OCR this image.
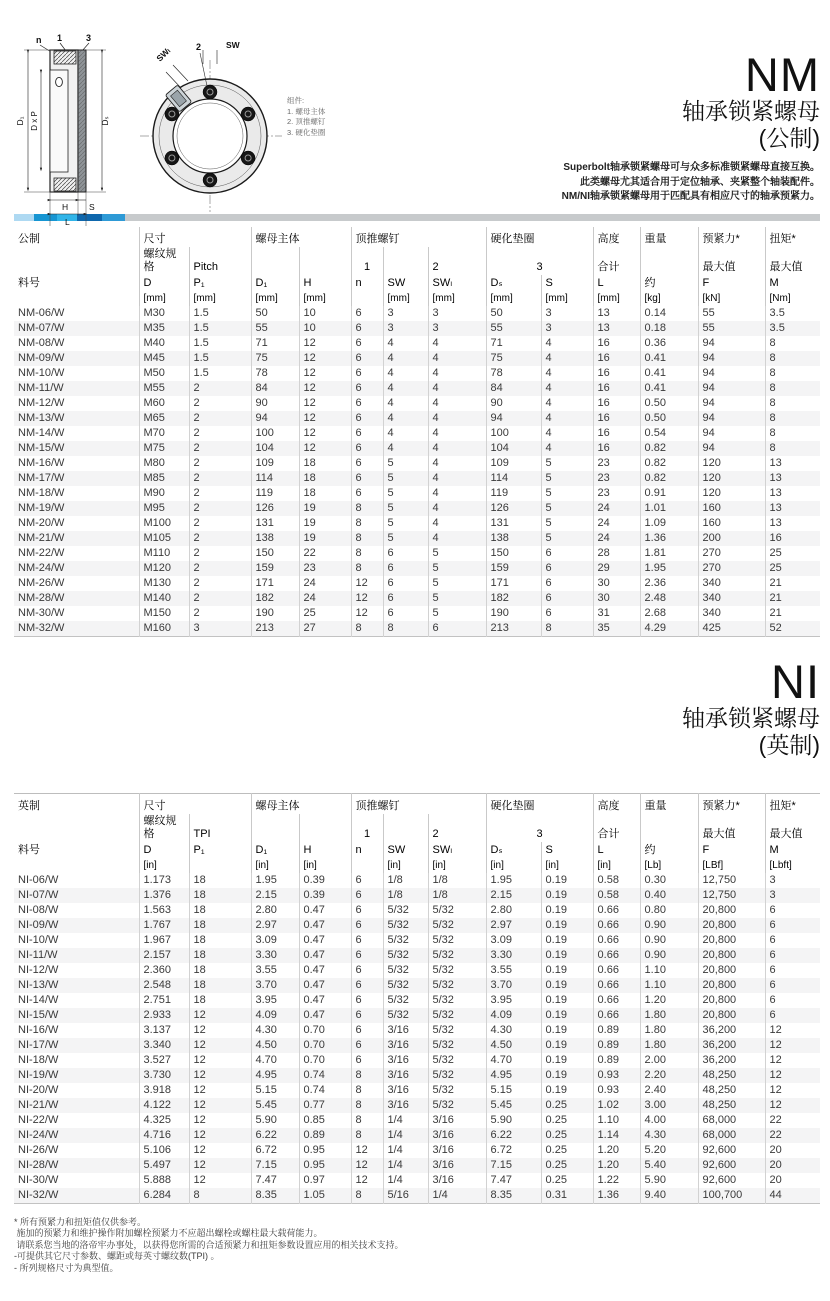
n 1	3
D₁ D x P	Dₛ
H S
L
SWₗ	2	SW
组件:
1. 螺母主体
2. 顶推螺钉
3. 硬化垫圈
NM
轴承锁紧螺母
(公制)
Superbolt轴承锁紧螺母可与众多标准锁紧螺母直接互换。
此类螺母尤其适合用于定位轴承、夹紧整个轴装配件。
NM/NI轴承锁紧螺母用于匹配具有相应尺寸的轴承预紧力。
公制	尺寸		螺母主体		顶推螺钉			硬化垫圈		高度	重量	预紧力*	扭矩*
	螺纹规格	Pitch			1		2	3		合计		最大值	最大值
料号	D	P₁	D₁	H	n	SW	SWₗ	Dₛ	S	L	约	F	M
	[mm]	[mm]	[mm]	[mm]		[mm]	[mm]	[mm]	[mm]	[mm]	[kg]	[kN]	[Nm]
NM-06/W	M30	1.5	50	10	6	3	3	50	3	13	0.14	55	3.5
NM-07/W	M35	1.5	55	10	6	3	3	55	3	13	0.18	55	3.5
NM-08/W	M40	1.5	71	12	6	4	4	71	4	16	0.36	94	8
NM-09/W	M45	1.5	75	12	6	4	4	75	4	16	0.41	94	8
NM-10/W	M50	1.5	78	12	6	4	4	78	4	16	0.41	94	8
NM-11/W	M55	2	84	12	6	4	4	84	4	16	0.41	94	8
NM-12/W	M60	2	90	12	6	4	4	90	4	16	0.50	94	8
NM-13/W	M65	2	94	12	6	4	4	94	4	16	0.50	94	8
NM-14/W	M70	2	100	12	6	4	4	100	4	16	0.54	94	8
NM-15/W	M75	2	104	12	6	4	4	104	4	16	0.82	94	8
NM-16/W	M80	2	109	18	6	5	4	109	5	23	0.82	120	13
NM-17/W	M85	2	114	18	6	5	4	114	5	23	0.82	120	13
NM-18/W	M90	2	119	18	6	5	4	119	5	23	0.91	120	13
NM-19/W	M95	2	126	19	8	5	4	126	5	24	1.01	160	13
NM-20/W	M100	2	131	19	8	5	4	131	5	24	1.09	160	13
NM-21/W	M105	2	138	19	8	5	4	138	5	24	1.36	200	16
NM-22/W	M110	2	150	22	8	6	5	150	6	28	1.81	270	25
NM-24/W	M120	2	159	23	8	6	5	159	6	29	1.95	270	25
NM-26/W	M130	2	171	24	12	6	5	171	6	30	2.36	340	21
NM-28/W	M140	2	182	24	12	6	5	182	6	30	2.48	340	21
NM-30/W	M150	2	190	25	12	6	5	190	6	31	2.68	340	21
NM-32/W	M160	3	213	27	8	8	6	213	8	35	4.29	425	52
NI
轴承锁紧螺母
(英制)
英制	尺寸		螺母主体		顶推螺钉			硬化垫圈		高度	重量	预紧力*	扭矩*
	螺纹规格	TPI			1		2	3		合计		最大值	最大值
料号	D	P₁	D₁	H	n	SW	SWₗ	Dₛ	S	L	约	F	M
	[in]		[in]	[in]		[in]	[in]	[in]	[in]	[in]	[Lb]	[LBf]	[Lbft]
NI-06/W	1.173	18	1.95	0.39	6	1/8	1/8	1.95	0.19	0.58	0.30	12,750	3
NI-07/W	1.376	18	2.15	0.39	6	1/8	1/8	2.15	0.19	0.58	0.40	12,750	3
NI-08/W	1.563	18	2.80	0.47	6	5/32	5/32	2.80	0.19	0.66	0.80	20,800	6
NI-09/W	1.767	18	2.97	0.47	6	5/32	5/32	2.97	0.19	0.66	0.90	20,800	6
NI-10/W	1.967	18	3.09	0.47	6	5/32	5/32	3.09	0.19	0.66	0.90	20,800	6
NI-11/W	2.157	18	3.30	0.47	6	5/32	5/32	3.30	0.19	0.66	0.90	20,800	6
NI-12/W	2.360	18	3.55	0.47	6	5/32	5/32	3.55	0.19	0.66	1.10	20,800	6
NI-13/W	2.548	18	3.70	0.47	6	5/32	5/32	3.70	0.19	0.66	1.10	20,800	6
NI-14/W	2.751	18	3.95	0.47	6	5/32	5/32	3.95	0.19	0.66	1.20	20,800	6
NI-15/W	2.933	12	4.09	0.47	6	5/32	5/32	4.09	0.19	0.66	1.80	20,800	6
NI-16/W	3.137	12	4.30	0.70	6	3/16	5/32	4.30	0.19	0.89	1.80	36,200	12
NI-17/W	3.340	12	4.50	0.70	6	3/16	5/32	4.50	0.19	0.89	1.80	36,200	12
NI-18/W	3.527	12	4.70	0.70	6	3/16	5/32	4.70	0.19	0.89	2.00	36,200	12
NI-19/W	3.730	12	4.95	0.74	8	3/16	5/32	4.95	0.19	0.93	2.20	48,250	12
NI-20/W	3.918	12	5.15	0.74	8	3/16	5/32	5.15	0.19	0.93	2.40	48,250	12
NI-21/W	4.122	12	5.45	0.77	8	3/16	5/32	5.45	0.25	1.02	3.00	48,250	12
NI-22/W	4.325	12	5.90	0.85	8	1/4	3/16	5.90	0.25	1.10	4.00	68,000	22
NI-24/W	4.716	12	6.22	0.89	8	1/4	3/16	6.22	0.25	1.14	4.30	68,000	22
NI-26/W	5.106	12	6.72	0.95	12	1/4	3/16	6.72	0.25	1.20	5.20	92,600	20
NI-28/W	5.497	12	7.15	0.95	12	1/4	3/16	7.15	0.25	1.20	5.40	92,600	20
NI-30/W	5.888	12	7.47	0.97	12	1/4	3/16	7.47	0.25	1.22	5.90	92,600	20
NI-32/W	6.284	8	8.35	1.05	8	5/16	1/4	8.35	0.31	1.36	9.40	100,700	44
* 所有预紧力和扭矩值仅供参考。
施加的预紧力和维护操作附加螺栓预紧力不应超出螺栓或螺柱最大载荷能力。
请联系您当地的洛帝牢办事处，以获得您所需的合适预紧力和扭矩参数设置应用的相关技术支持。
-可提供其它尺寸参数、螺距或每英寸螺纹数(TPI) 。
- 所列规格尺寸为典型值。
